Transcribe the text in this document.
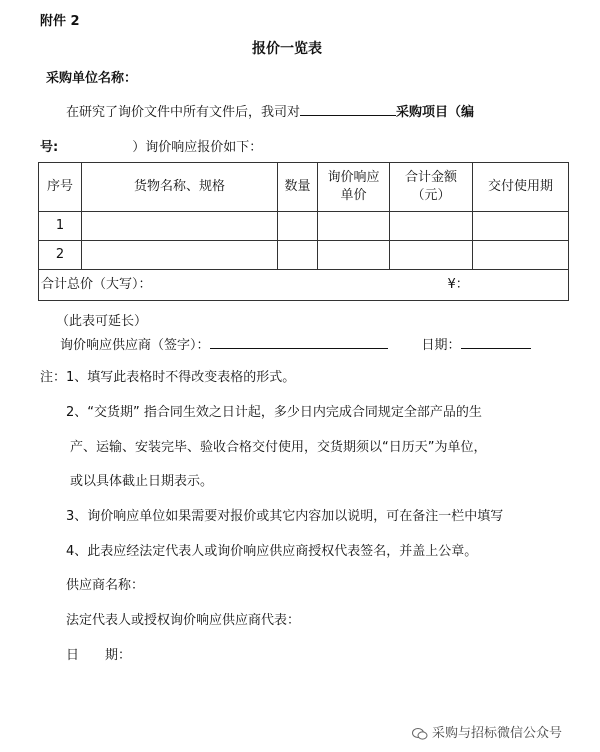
附件 2
报价一览表
采购单位名称：
在研究了询价文件中所有文件后，我司对	采购项目（编
号:	）询价响应报价如下：
序号	货物名称、规格	数量	询价响应单价	合计金额（元）	交付使用期
1					
2					
合计总价（大写）： ¥：					
（此表可延长）
询价响应供应商（签字）：	日期：
注：1、填写此表格时不得改变表格的形式。
2、“交货期” 指合同生效之日计起，多少日内完成合同规定全部产品的生
产、运输、安装完毕、验收合格交付使用，交货期须以“日历天”为单位，
或以具体截止日期表示。
3、询价响应单位如果需要对报价或其它内容加以说明，可在备注一栏中填写
4、此表应经法定代表人或询价响应供应商授权代表签名，并盖上公章。
供应商名称：
法定代表人或授权询价响应供应商代表：
日　　期：
采购与招标微信公众号
